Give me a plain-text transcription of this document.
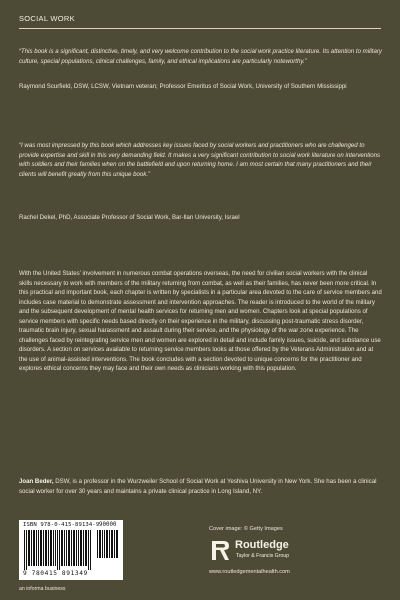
SOCIAL WORK
“This book is a significant, distinctive, timely, and very welcome contribution to the social work practice literature. Its attention to military culture, special populations, clinical challenges, family, and ethical implications are particularly noteworthy.”
Raymond Scurfield, DSW, LCSW, Vietnam veteran; Professor Emeritus of Social Work, University of Southern Mississippi
“I was most impressed by this book which addresses key issues faced by social workers and practitioners who are challenged to provide expertise and skill in this very demanding field. It makes a very significant contribution to social work literature on interventions with soldiers and their families when on the battlefield and upon returning home. I am most certain that many practitioners and their clients will benefit greatly from this unique book.”
Rachel Dekel, PhD, Associate Professor of Social Work, Bar-Ilan University, Israel
With the United States’ involvement in numerous combat operations overseas, the need for civilian social workers with the clinical skills necessary to work with members of the military returning from combat, as well as their families, has never been more critical. In this practical and important book, each chapter is written by specialists in a particular area devoted to the care of service members and includes case material to demonstrate assessment and intervention approaches. The reader is introduced to the world of the military and the subsequent development of mental health services for returning men and women. Chapters look at special populations of service members with specific needs based directly on their experience in the military, discussing post-traumatic stress disorder, traumatic brain injury, sexual harassment and assault during their service, and the physiology of the war zone experience. The challenges faced by reintegrating service men and women are explored in detail and include family issues, suicide, and substance use disorders. A section on services available to returning service members looks at those offered by the Veterans Administration and at the use of animal-assisted interventions. The book concludes with a section devoted to unique concerns for the practitioner and explores ethical concerns they may face and their own needs as clinicians working with this population.
Joan Beder, DSW, is a professor in the Wurzweiler School of Social Work at Yeshiva University in New York. She has been a clinical social worker for over 30 years and maintains a private clinical practice in Long Island, NY.
ISBN 978-0-415-89134-9 90000
9 780415 891349
Cover image: © Getty Images
Routledge
Taylor & Francis Group
www.routledgementalhealth.com
an informa business
